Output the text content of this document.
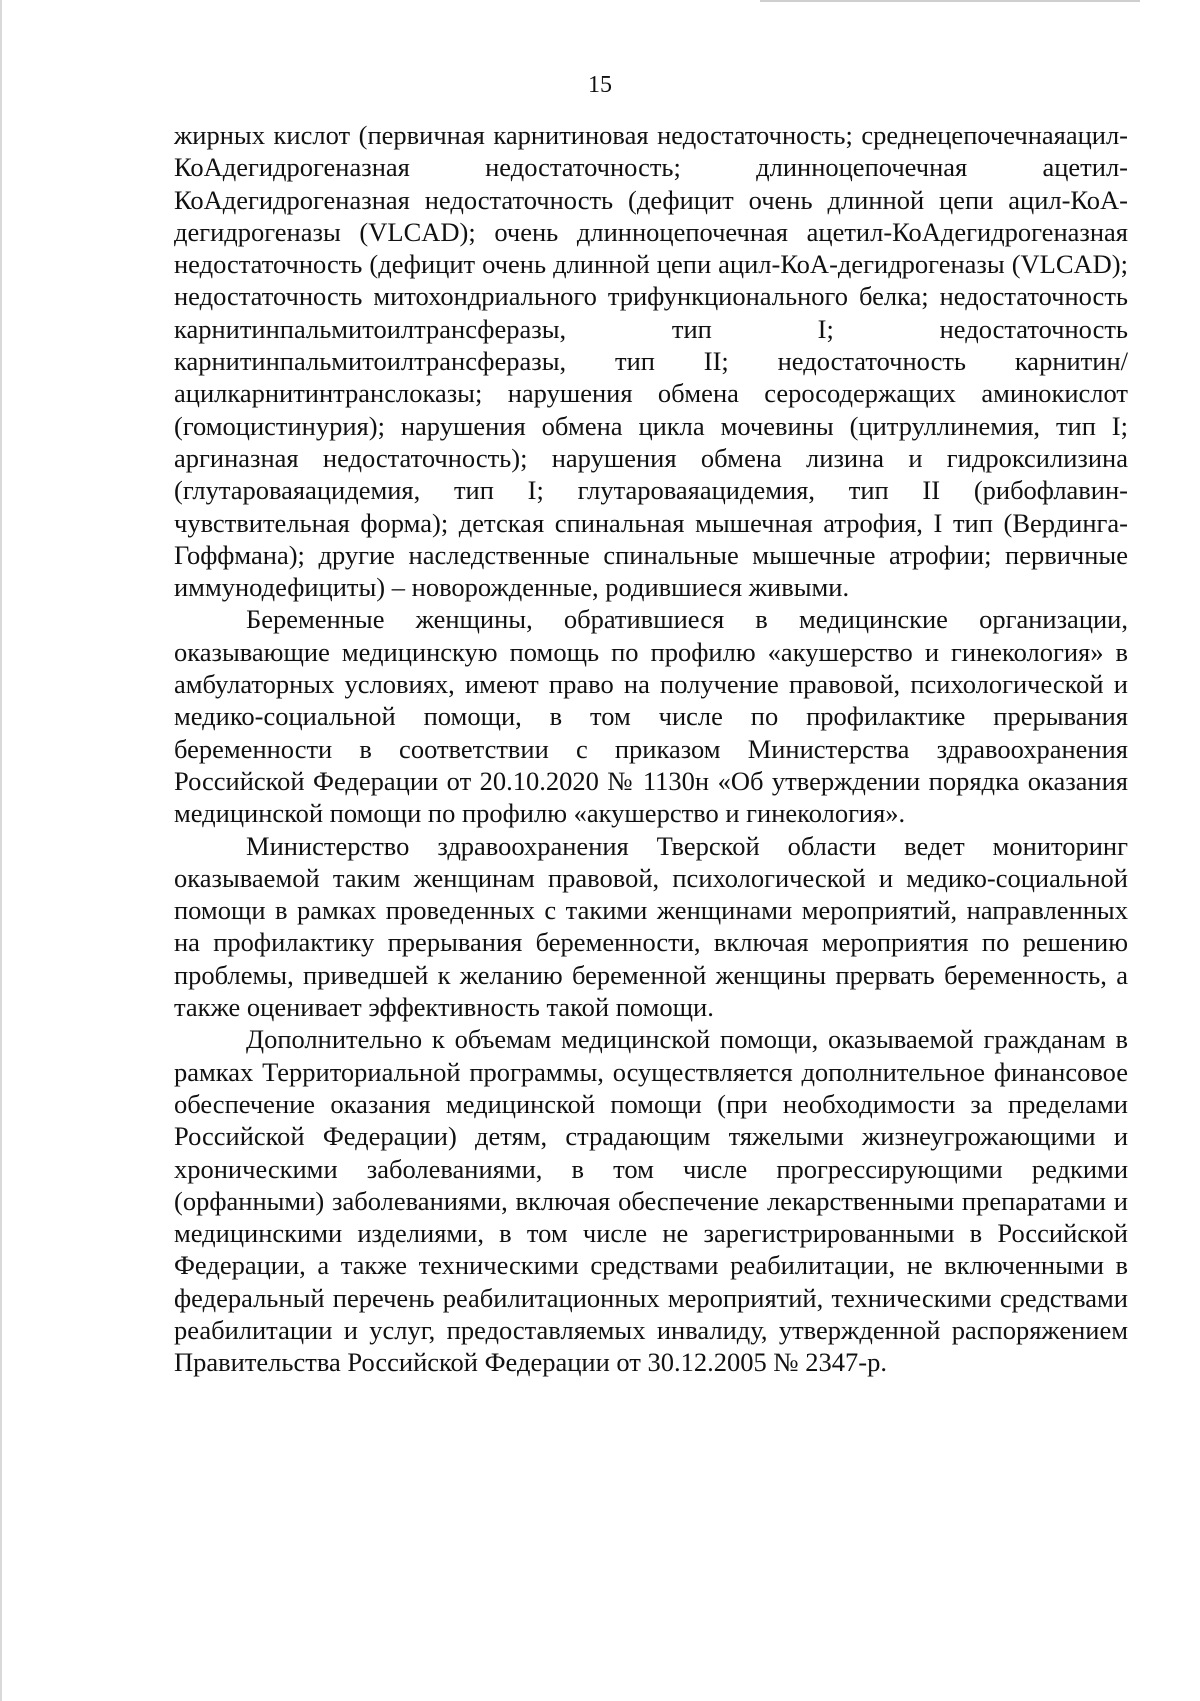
15

жирных кислот (первичная карнитиновая недостаточность; среднецепочечнаяацил-КоАдегидрогеназная недостаточность; длинноцепочечная ацетил-КоАдегидрогеназная недостаточность (дефицит очень длинной цепи ацил-КоА-дегидрогеназы (VLCAD); очень длинноцепочечная ацетил-КоАдегидрогеназная недостаточность (дефицит очень длинной цепи ацил-КоА-дегидрогеназы (VLCAD); недостаточность митохондриального трифункционального белка; недостаточность карнитинпальмитоилтрансферазы, тип I; недостаточность карнитинпальмитоилтрансферазы, тип II; недостаточность карнитин/ацилкарнитинтранслоказы; нарушения обмена серосодержащих аминокислот (гомоцистинурия); нарушения обмена цикла мочевины (цитруллинемия, тип I; аргиназная недостаточность); нарушения обмена лизина и гидроксилизина (глутароваяацидемия, тип I; глутароваяацидемия, тип II (рибофлавин-чувствительная форма); детская спинальная мышечная атрофия, I тип (Вердинга-Гоффмана); другие наследственные спинальные мышечные атрофии; первичные иммунодефициты) – новорожденные, родившиеся живыми.

Беременные женщины, обратившиеся в медицинские организации, оказывающие медицинскую помощь по профилю «акушерство и гинекология» в амбулаторных условиях, имеют право на получение правовой, психологической и медико-социальной помощи, в том числе по профилактике прерывания беременности в соответствии с приказом Министерства здравоохранения Российской Федерации от 20.10.2020 № 1130н «Об утверждении порядка оказания медицинской помощи по профилю «акушерство и гинекология».

Министерство здравоохранения Тверской области ведет мониторинг оказываемой таким женщинам правовой, психологической и медико-социальной помощи в рамках проведенных с такими женщинами мероприятий, направленных на профилактику прерывания беременности, включая мероприятия по решению проблемы, приведшей к желанию беременной женщины прервать беременность, а также оценивает эффективность такой помощи.

Дополнительно к объемам медицинской помощи, оказываемой гражданам в рамках Территориальной программы, осуществляется дополнительное финансовое обеспечение оказания медицинской помощи (при необходимости за пределами Российской Федерации) детям, страдающим тяжелыми жизнеугрожающими и хроническими заболеваниями, в том числе прогрессирующими редкими (орфанными) заболеваниями, включая обеспечение лекарственными препаратами и медицинскими изделиями, в том числе не зарегистрированными в Российской Федерации, а также техническими средствами реабилитации, не включенными в федеральный перечень реабилитационных мероприятий, техническими средствами реабилитации и услуг, предоставляемых инвалиду, утвержденной распоряжением Правительства Российской Федерации от 30.12.2005 № 2347-р.
